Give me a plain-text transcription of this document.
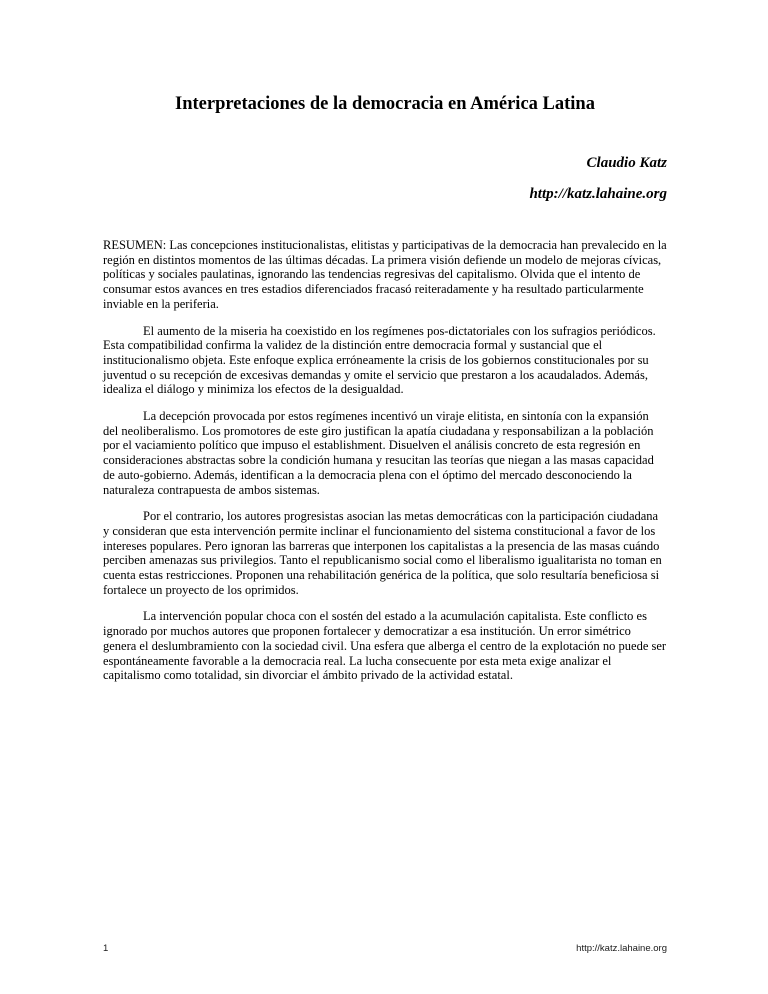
Interpretaciones de la democracia en América Latina
Claudio Katz
http://katz.lahaine.org

RESUMEN: Las concepciones institucionalistas, elitistas y participativas de la democracia han prevalecido en la región en distintos momentos de las últimas décadas. La primera visión defiende un modelo de mejoras cívicas, políticas y sociales paulatinas, ignorando las tendencias regresivas del capitalismo. Olvida que el intento de consumar estos avances en tres estadios diferenciados fracasó reiteradamente y ha resultado particularmente inviable en la periferia.

El aumento de la miseria ha coexistido en los regímenes pos-dictatoriales con los sufragios periódicos. Esta compatibilidad confirma la validez de la distinción entre democracia formal y sustancial que el institucionalismo objeta. Este enfoque explica erróneamente la crisis de los gobiernos constitucionales por su juventud o su recepción de excesivas demandas y omite el servicio que prestaron a los acaudalados. Además, idealiza el diálogo y minimiza los efectos de la desigualdad.

La decepción provocada por estos regímenes incentivó un viraje elitista, en sintonía con la expansión del neoliberalismo. Los promotores de este giro justifican la apatía ciudadana y responsabilizan a la población por el vaciamiento político que impuso el establishment. Disuelven el análisis concreto de esta regresión en consideraciones abstractas sobre la condición humana y resucitan las teorías que niegan a las masas capacidad de auto-gobierno. Además, identifican a la democracia plena con el óptimo del mercado desconociendo la naturaleza contrapuesta de ambos sistemas.

Por el contrario, los autores progresistas asocian las metas democráticas con la participación ciudadana y consideran que esta intervención permite inclinar el funcionamiento del sistema constitucional a favor de los intereses populares. Pero ignoran las barreras que interponen los capitalistas a la presencia de las masas cuándo perciben amenazas sus privilegios. Tanto el republicanismo social como el liberalismo igualitarista no toman en cuenta estas restricciones. Proponen una rehabilitación genérica de la política, que solo resultaría beneficiosa si fortalece un proyecto de los oprimidos.

La intervención popular choca con el sostén del estado a la acumulación capitalista. Este conflicto es ignorado por muchos autores que proponen fortalecer y democratizar a esa institución. Un error simétrico genera el deslumbramiento con la sociedad civil. Una esfera que alberga el centro de la explotación no puede ser espontáneamente favorable a la democracia real. La lucha consecuente por esta meta exige analizar el capitalismo como totalidad, sin divorciar el ámbito privado de la actividad estatal.

1	http://katz.lahaine.org
